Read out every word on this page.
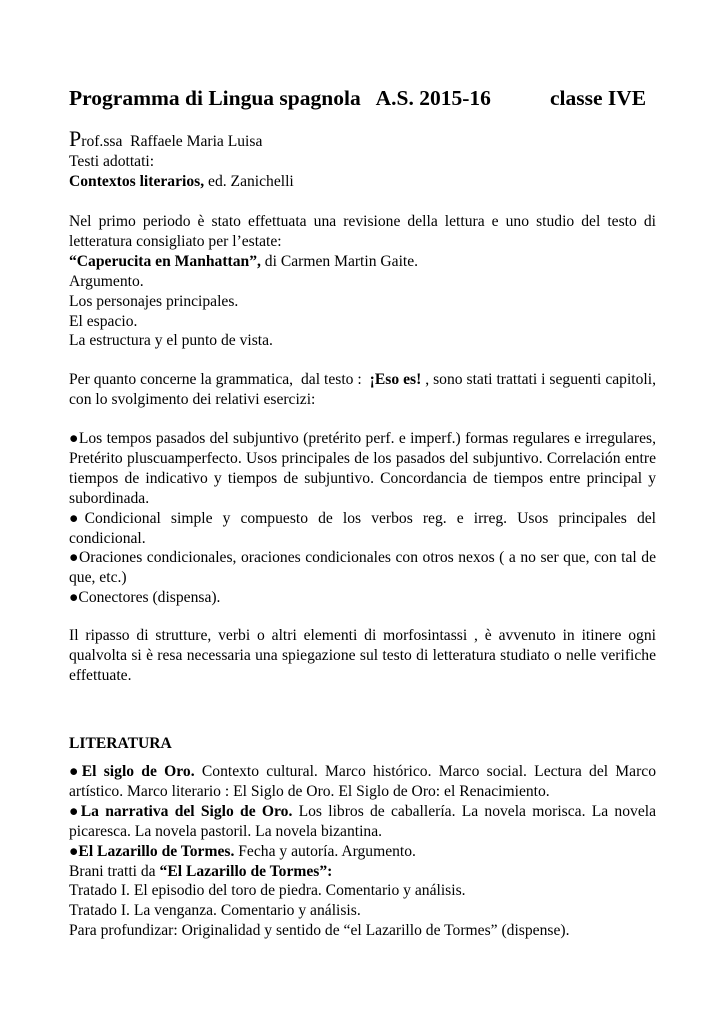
Programma di Lingua spagnola   A.S. 2015-16	classe IVE

Prof.ssa  Raffaele Maria Luisa

Testi adottati:

Contextos literarios, ed. Zanichelli

Nel primo periodo è stato effettuata una revisione della lettura e uno studio del testo di letteratura consigliato per l’estate:

“Caperucita en Manhattan”, di Carmen Martin Gaite.

Argumento.

Los personajes principales.

El espacio.

La estructura y el punto de vista.

Per quanto concerne la grammatica,  dal testo :  ¡Eso es! , sono stati trattati i seguenti capitoli, con lo svolgimento dei relativi esercizi:

●Los tempos pasados del subjuntivo (pretérito perf. e imperf.) formas regulares e irregulares, Pretérito pluscuamperfecto. Usos principales de los pasados del subjuntivo. Correlación entre tiempos de indicativo y tiempos de subjuntivo. Concordancia de tiempos entre principal y subordinada.

●Condicional simple y compuesto de los verbos reg. e irreg. Usos principales del condicional.

●Oraciones condicionales, oraciones condicionales con otros nexos ( a no ser que, con tal de que, etc.)

●Conectores (dispensa).

Il ripasso di strutture, verbi o altri elementi di morfosintassi , è avvenuto in itinere ogni qualvolta si è resa necessaria una spiegazione sul testo di letteratura studiato o nelle verifiche effettuate.

LITERATURA

●El siglo de Oro. Contexto cultural. Marco histórico. Marco social. Lectura del Marco artístico. Marco literario : El Siglo de Oro. El Siglo de Oro: el Renacimiento.

●La narrativa del Siglo de Oro. Los libros de caballería. La novela morisca. La novela picaresca. La novela pastoril. La novela bizantina.

●El Lazarillo de Tormes. Fecha y autoría. Argumento.

Brani tratti da “El Lazarillo de Tormes”:

Tratado I. El episodio del toro de piedra. Comentario y análisis.

Tratado I. La venganza. Comentario y análisis.

Para profundizar: Originalidad y sentido de “el Lazarillo de Tormes” (dispense).
